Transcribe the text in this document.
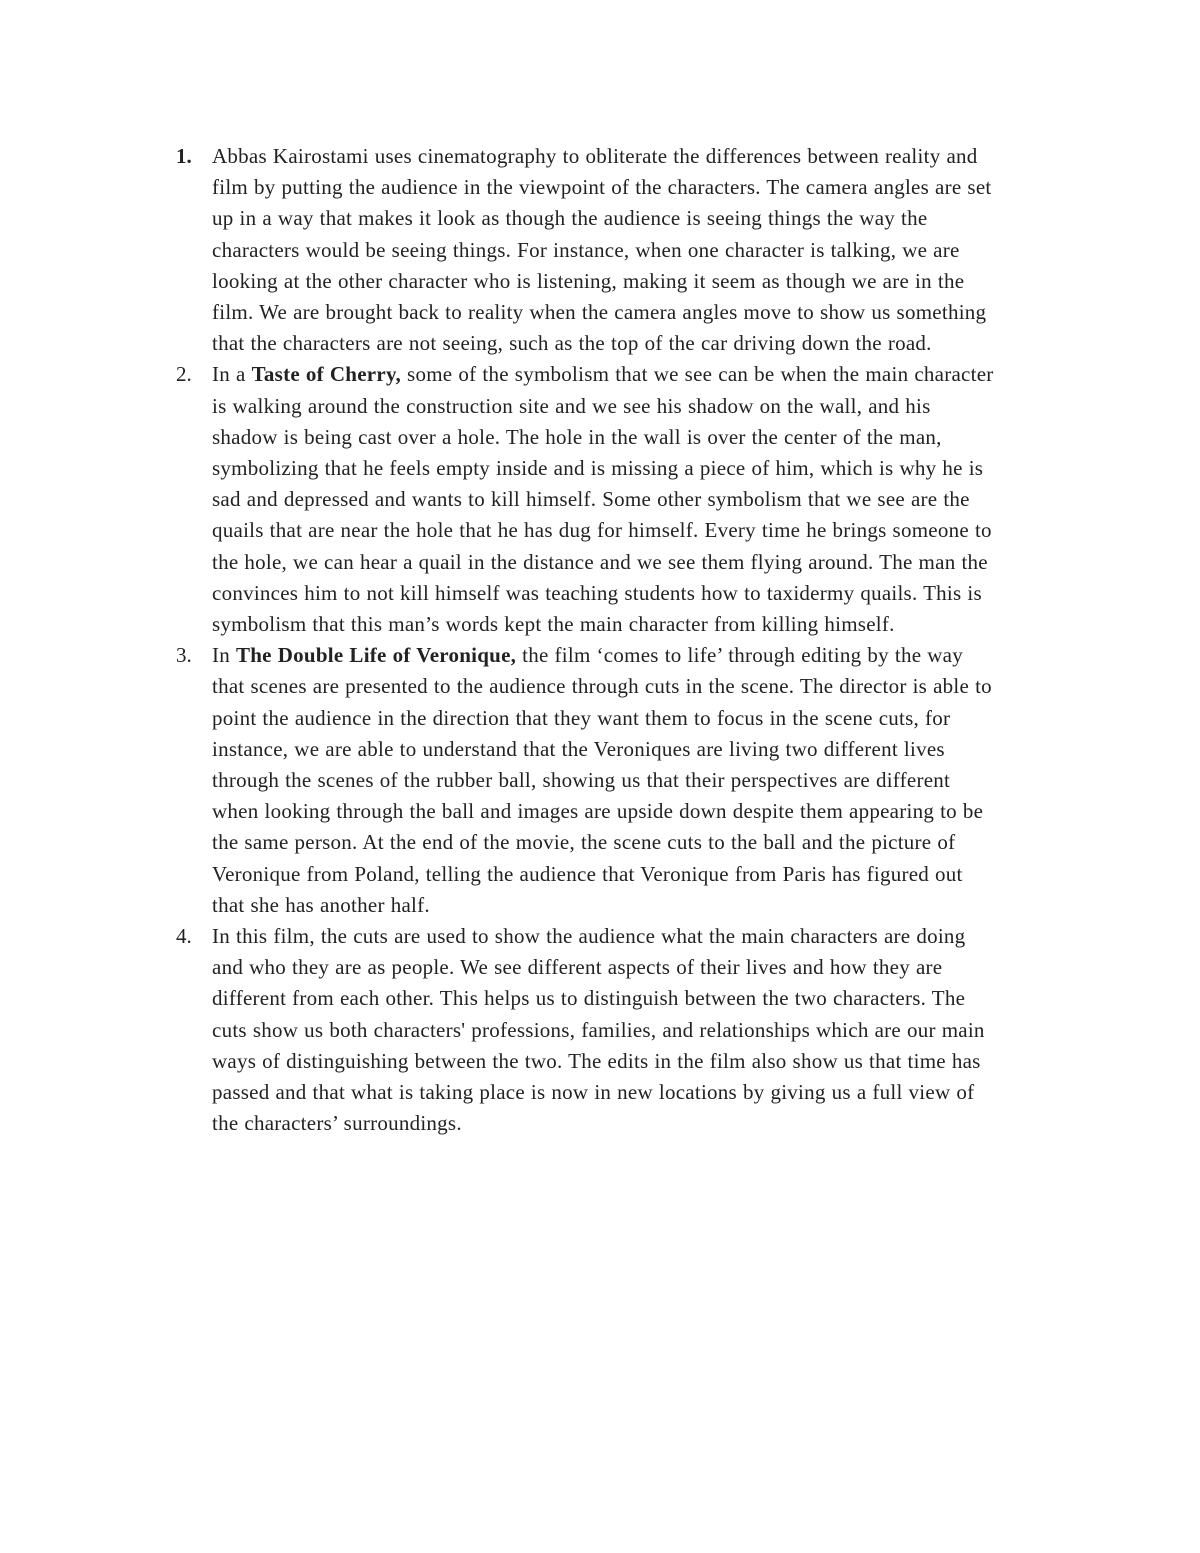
1. Abbas Kairostami uses cinematography to obliterate the differences between reality and
film by putting the audience in the viewpoint of the characters. The camera angles are set
up in a way that makes it look as though the audience is seeing things the way the
characters would be seeing things. For instance, when one character is talking, we are
looking at the other character who is listening, making it seem as though we are in the
film. We are brought back to reality when the camera angles move to show us something
that the characters are not seeing, such as the top of the car driving down the road.
2. In a Taste of Cherry, some of the symbolism that we see can be when the main character
is walking around the construction site and we see his shadow on the wall, and his
shadow is being cast over a hole. The hole in the wall is over the center of the man,
symbolizing that he feels empty inside and is missing a piece of him, which is why he is
sad and depressed and wants to kill himself. Some other symbolism that we see are the
quails that are near the hole that he has dug for himself. Every time he brings someone to
the hole, we can hear a quail in the distance and we see them flying around. The man the
convinces him to not kill himself was teaching students how to taxidermy quails. This is
symbolism that this man’s words kept the main character from killing himself.
3. In The Double Life of Veronique, the film ‘comes to life’ through editing by the way
that scenes are presented to the audience through cuts in the scene. The director is able to
point the audience in the direction that they want them to focus in the scene cuts, for
instance, we are able to understand that the Veroniques are living two different lives
through the scenes of the rubber ball, showing us that their perspectives are different
when looking through the ball and images are upside down despite them appearing to be
the same person. At the end of the movie, the scene cuts to the ball and the picture of
Veronique from Poland, telling the audience that Veronique from Paris has figured out
that she has another half.
4. In this film, the cuts are used to show the audience what the main characters are doing
and who they are as people. We see different aspects of their lives and how they are
different from each other. This helps us to distinguish between the two characters. The
cuts show us both characters' professions, families, and relationships which are our main
ways of distinguishing between the two. The edits in the film also show us that time has
passed and that what is taking place is now in new locations by giving us a full view of
the characters’ surroundings.
